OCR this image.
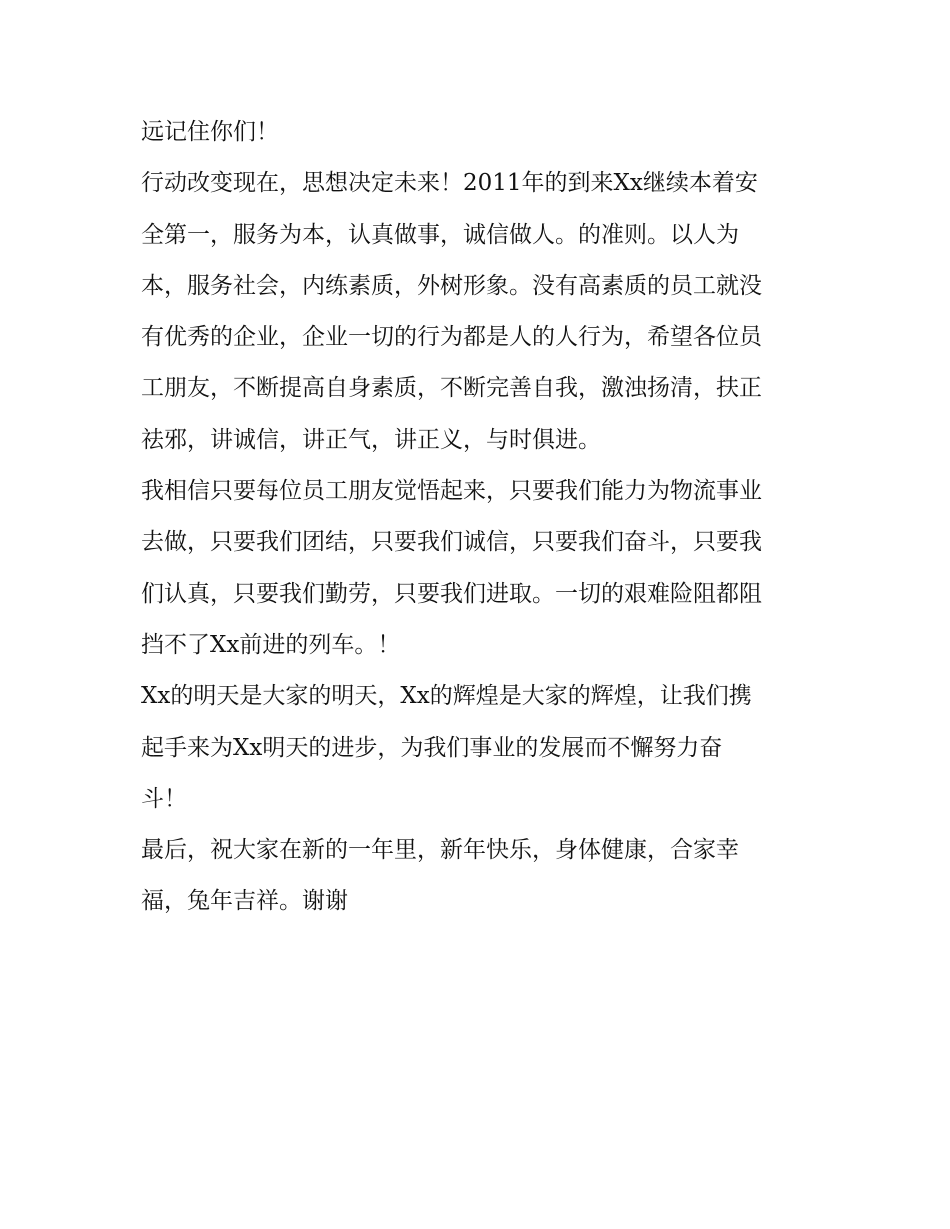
远记住你们！
行动改变现在，思想决定未来！2011年的到来Xx继续本着安
全第一，服务为本，认真做事，诚信做人。的准则。以人为
本，服务社会，内练素质，外树形象。没有高素质的员工就没
有优秀的企业，企业一切的行为都是人的人行为，希望各位员
工朋友，不断提高自身素质，不断完善自我，激浊扬清，扶正
祛邪，讲诚信，讲正气，讲正义，与时俱进。
我相信只要每位员工朋友觉悟起来，只要我们能力为物流事业
去做，只要我们团结，只要我们诚信，只要我们奋斗，只要我
们认真，只要我们勤劳，只要我们进取。一切的艰难险阻都阻
挡不了Xx前进的列车。！
Xx的明天是大家的明天，Xx的辉煌是大家的辉煌，让我们携
起手来为Xx明天的进步，为我们事业的发展而不懈努力奋
斗！
最后，祝大家在新的一年里，新年快乐，身体健康，合家幸
福，兔年吉祥。谢谢
